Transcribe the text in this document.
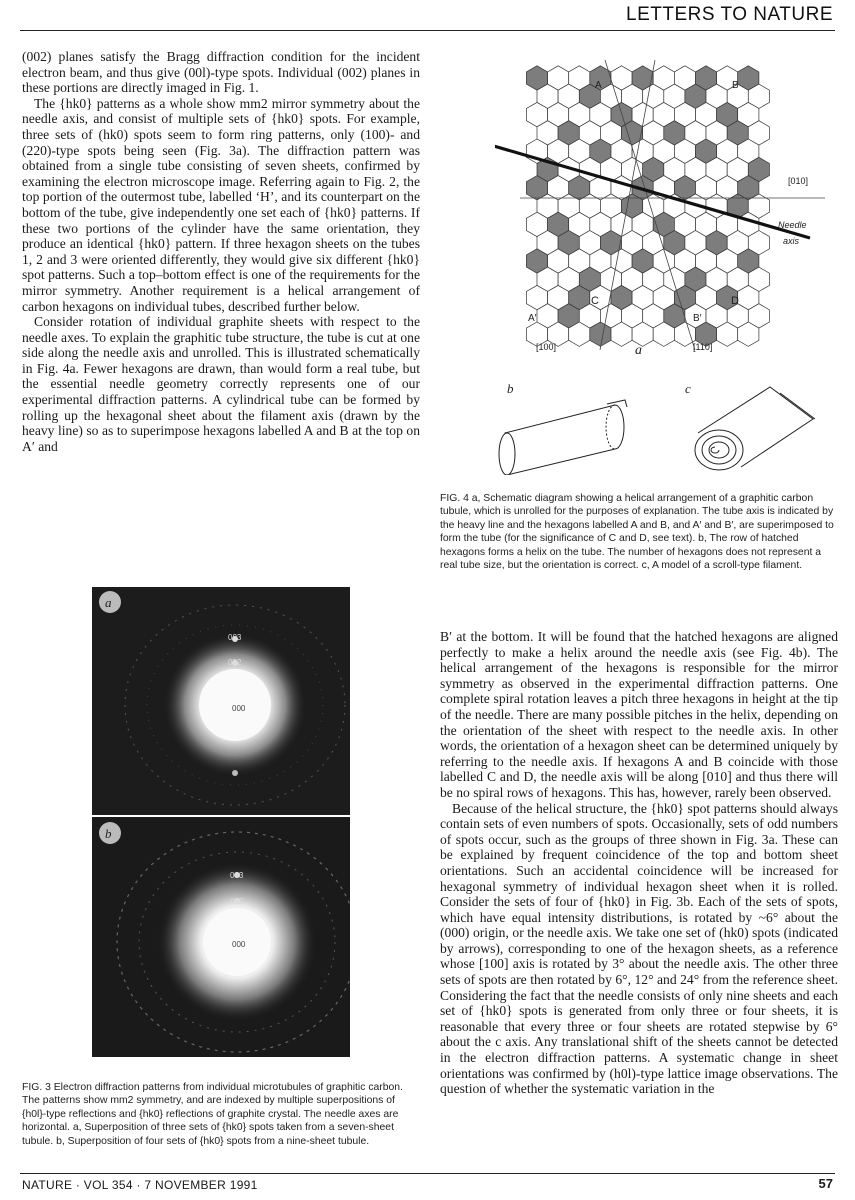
LETTERS TO NATURE

(002) planes satisfy the Bragg diffraction condition for the incident electron beam, and thus give (00l)-type spots. Individual (002) planes in these portions are directly imaged in Fig. 1.

The {hk0} patterns as a whole show mm2 mirror symmetry about the needle axis, and consist of multiple sets of {hk0} spots. For example, three sets of (hk0) spots seem to form ring patterns, only (100)- and (220)-type spots being seen (Fig. 3a). The diffraction pattern was obtained from a single tube consisting of seven sheets, confirmed by examining the electron microscope image. Referring again to Fig. 2, the top portion of the outermost tube, labelled ‘H’, and its counterpart on the bottom of the tube, give independently one set each of {hk0} patterns. If these two portions of the cylinder have the same orientation, they produce an identical {hk0} pattern. If three hexagon sheets on the tubes 1, 2 and 3 were oriented differently, they would give six different {hk0} spot patterns. Such a top–bottom effect is one of the requirements for the mirror symmetry. Another requirement is a helical arrangement of carbon hexagons on individual tubes, described further below.

Consider rotation of individual graphite sheets with respect to the needle axes. To explain the graphitic tube structure, the tube is cut at one side along the needle axis and unrolled. This is illustrated schematically in Fig. 4a. Fewer hexagons are drawn, than would form a real tube, but the essential needle geometry correctly represents one of our experimental diffraction patterns. A cylindrical tube can be formed by rolling up the hexagonal sheet about the filament axis (drawn by the heavy line) so as to superimpose hexagons labelled A and B at the top on A′ and

A	B
C	D
A′	B′
[010]
Needle
axis
[100]	a	[110]
b	c
FIG. 4 a, Schematic diagram showing a helical arrangement of a graphitic carbon tubule, which is unrolled for the purposes of explanation. The tube axis is indicated by the heavy line and the hexagons labelled A and B, and A′ and B′, are superimposed to form the tube (for the significance of C and D, see text). b, The row of hatched hexagons forms a helix on the tube. The number of hexagons does not represent a real tube size, but the orientation is correct. c, A model of a scroll-type filament.
a
003
002
000
b
003
002
000
FIG. 3 Electron diffraction patterns from individual microtubules of graphitic carbon. The patterns show mm2 symmetry, and are indexed by multiple superpositions of {h0l}-type reflections and {hk0} reflections of graphite crystal. The needle axes are horizontal. a, Superposition of three sets of {hk0} spots taken from a seven-sheet tubule. b, Superposition of four sets of {hk0} spots from a nine-sheet tubule.

B′ at the bottom. It will be found that the hatched hexagons are aligned perfectly to make a helix around the needle axis (see Fig. 4b). The helical arrangement of the hexagons is responsible for the mirror symmetry as observed in the experimental diffraction patterns. One complete spiral rotation leaves a pitch three hexagons in height at the tip of the needle. There are many possible pitches in the helix, depending on the orientation of the sheet with respect to the needle axis. In other words, the orientation of a hexagon sheet can be determined uniquely by referring to the needle axis. If hexagons A and B coincide with those labelled C and D, the needle axis will be along [010] and thus there will be no spiral rows of hexagons. This has, however, rarely been observed.

Because of the helical structure, the {hk0} spot patterns should always contain sets of even numbers of spots. Occasionally, sets of odd numbers of spots occur, such as the groups of three shown in Fig. 3a. These can be explained by frequent coincidence of the top and bottom sheet orientations. Such an accidental coincidence will be increased for hexagonal symmetry of individual hexagon sheet when it is rolled. Consider the sets of four of {hk0} in Fig. 3b. Each of the sets of spots, which have equal intensity distributions, is rotated by ~6° about the (000) origin, or the needle axis. We take one set of (hk0) spots (indicated by arrows), corresponding to one of the hexagon sheets, as a reference whose [100] axis is rotated by 3° about the needle axis. The other three sets of spots are then rotated by 6°, 12° and 24° from the reference sheet. Considering the fact that the needle consists of only nine sheets and each set of {hk0} spots is generated from only three or four sheets, it is reasonable that every three or four sheets are rotated stepwise by 6° about the c axis. Any translational shift of the sheets cannot be detected in the electron diffraction patterns. A systematic change in sheet orientations was confirmed by (h0l)-type lattice image observations. The question of whether the systematic variation in the

NATURE · VOL 354 · 7 NOVEMBER 1991	57
